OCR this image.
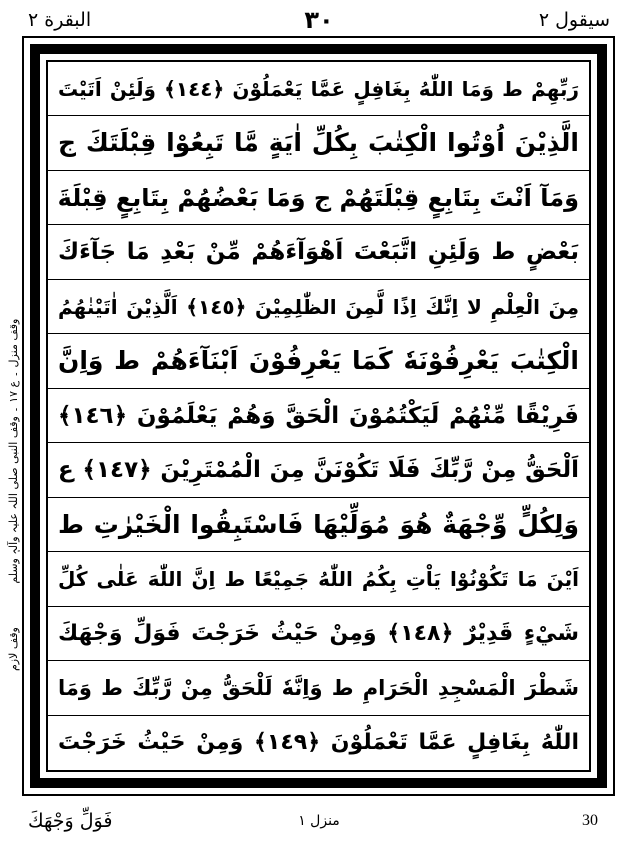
سيقول ٢
٣٠
البقرة ٢
رَبِّهِمْ ط وَمَا اللّٰهُ بِغَافِلٍ عَمَّا يَعْمَلُوْنَ ﴿١٤٤﴾ وَلَئِنْ اَتَيْتَ
الَّذِيْنَ اُوْتُوا الْكِتٰبَ بِكُلِّ اٰيَةٍ مَّا تَبِعُوْا قِبْلَتَكَ ج
وَمَآ اَنْتَ بِتَابِعٍ قِبْلَتَهُمْ ج وَمَا بَعْضُهُمْ بِتَابِعٍ قِبْلَةَ
بَعْضٍ ط وَلَئِنِ اتَّبَعْتَ اَهْوَآءَهُمْ مِّنْ بَعْدِ مَا جَآءَكَ
مِنَ الْعِلْمِ لا اِنَّكَ اِذًا لَّمِنَ الظّٰلِمِيْنَ ﴿١٤٥﴾ اَلَّذِيْنَ اٰتَيْنٰهُمُ
الْكِتٰبَ يَعْرِفُوْنَهٗ كَمَا يَعْرِفُوْنَ اَبْنَآءَهُمْ ط وَاِنَّ
فَرِيْقًا مِّنْهُمْ لَيَكْتُمُوْنَ الْحَقَّ وَهُمْ يَعْلَمُوْنَ ﴿١٤٦﴾
اَلْحَقُّ مِنْ رَّبِّكَ فَلَا تَكُوْنَنَّ مِنَ الْمُمْتَرِيْنَ ﴿١٤٧﴾ ع
وَلِكُلٍّ وِّجْهَةٌ هُوَ مُوَلِّيْهَا فَاسْتَبِقُوا الْخَيْرٰتِ ط
اَيْنَ مَا تَكُوْنُوْا يَاْتِ بِكُمُ اللّٰهُ جَمِيْعًا ط اِنَّ اللّٰهَ عَلٰى كُلِّ
شَيْءٍ قَدِيْرٌ ﴿١٤٨﴾ وَمِنْ حَيْثُ خَرَجْتَ فَوَلِّ وَجْهَكَ
شَطْرَ الْمَسْجِدِ الْحَرَامِ ط وَاِنَّهٗ لَلْحَقُّ مِنْ رَّبِّكَ ط وَمَا
اللّٰهُ بِغَافِلٍ عَمَّا تَعْمَلُوْنَ ﴿١٤٩﴾ وَمِنْ حَيْثُ خَرَجْتَ
وقف لازم وقف منزل ۔ ع ۱۷ ۔ وقف النبی صلی اللہ علیہ وآلہٖ وسلم
فَوَلِّ وَجْهَكَ	منزل ١	30
